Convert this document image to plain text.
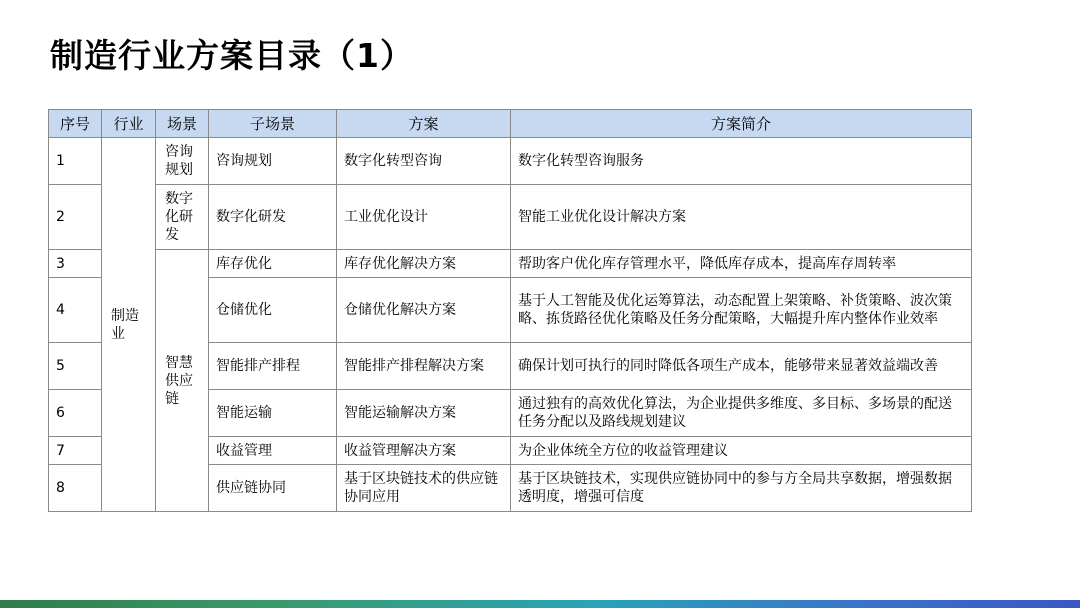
制造行业方案目录（1）
序号	行业	场景	子场景	方案	方案简介
1	制造业	咨询规划	咨询规划	数字化转型咨询	数字化转型咨询服务
2		数字化研发	数字化研发	工业优化设计	智能工业优化设计解决方案
3		智慧供应链	库存优化	库存优化解决方案	帮助客户优化库存管理水平，降低库存成本，提高库存周转率
4			仓储优化	仓储优化解决方案	基于人工智能及优化运筹算法，动态配置上架策略、补货策略、波次策略、拣货路径优化策略及任务分配策略，大幅提升库内整体作业效率
5			智能排产排程	智能排产排程解决方案	确保计划可执行的同时降低各项生产成本，能够带来显著效益端改善
6			智能运输	智能运输解决方案	通过独有的高效优化算法，为企业提供多维度、多目标、多场景的配送任务分配以及路线规划建议
7			收益管理	收益管理解决方案	为企业体统全方位的收益管理建议
8			供应链协同	基于区块链技术的供应链协同应用	基于区块链技术，实现供应链协同中的参与方全局共享数据，增强数据透明度，增强可信度
